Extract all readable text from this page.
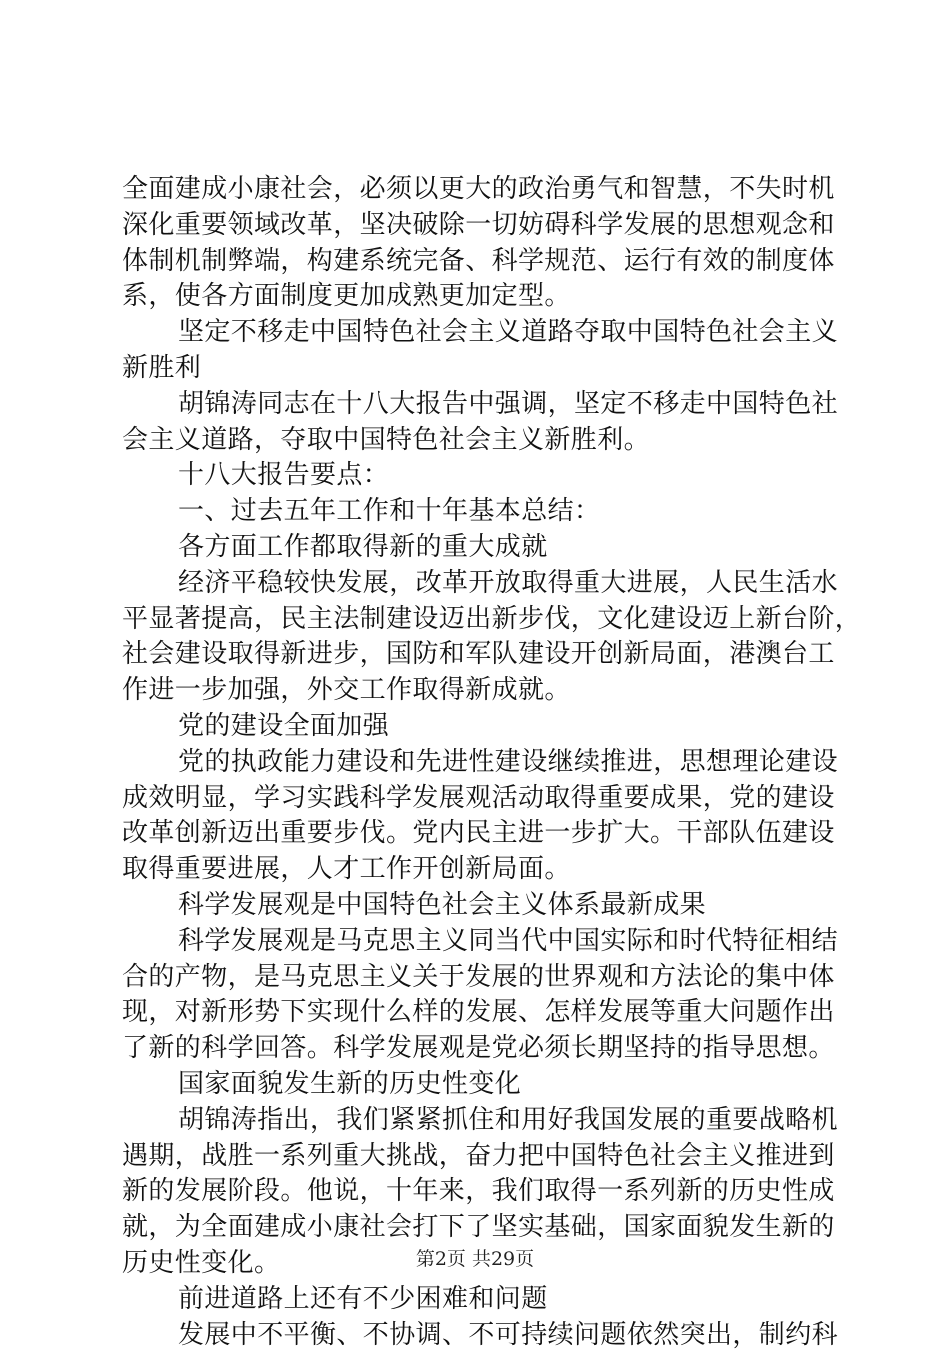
全面建成小康社会，必须以更大的政治勇气和智慧，不失时机
深化重要领域改革，坚决破除一切妨碍科学发展的思想观念和
体制机制弊端，构建系统完备、科学规范、运行有效的制度体
系，使各方面制度更加成熟更加定型。
坚定不移走中国特色社会主义道路夺取中国特色社会主义
新胜利
胡锦涛同志在十八大报告中强调，坚定不移走中国特色社
会主义道路，夺取中国特色社会主义新胜利。
十八大报告要点：
一、过去五年工作和十年基本总结：
各方面工作都取得新的重大成就
经济平稳较快发展，改革开放取得重大进展，人民生活水
平显著提高，民主法制建设迈出新步伐，文化建设迈上新台阶，
社会建设取得新进步，国防和军队建设开创新局面，港澳台工
作进一步加强，外交工作取得新成就。
党的建设全面加强
党的执政能力建设和先进性建设继续推进，思想理论建设
成效明显，学习实践科学发展观活动取得重要成果，党的建设
改革创新迈出重要步伐。党内民主进一步扩大。干部队伍建设
取得重要进展，人才工作开创新局面。
科学发展观是中国特色社会主义体系最新成果
科学发展观是马克思主义同当代中国实际和时代特征相结
合的产物，是马克思主义关于发展的世界观和方法论的集中体
现，对新形势下实现什么样的发展、怎样发展等重大问题作出
了新的科学回答。科学发展观是党必须长期坚持的指导思想。
国家面貌发生新的历史性变化
胡锦涛指出，我们紧紧抓住和用好我国发展的重要战略机
遇期，战胜一系列重大挑战，奋力把中国特色社会主义推进到
新的发展阶段。他说，十年来，我们取得一系列新的历史性成
就，为全面建成小康社会打下了坚实基础，国家面貌发生新的
历史性变化。
前进道路上还有不少困难和问题
发展中不平衡、不协调、不可持续问题依然突出，制约科
第2页 共29页
